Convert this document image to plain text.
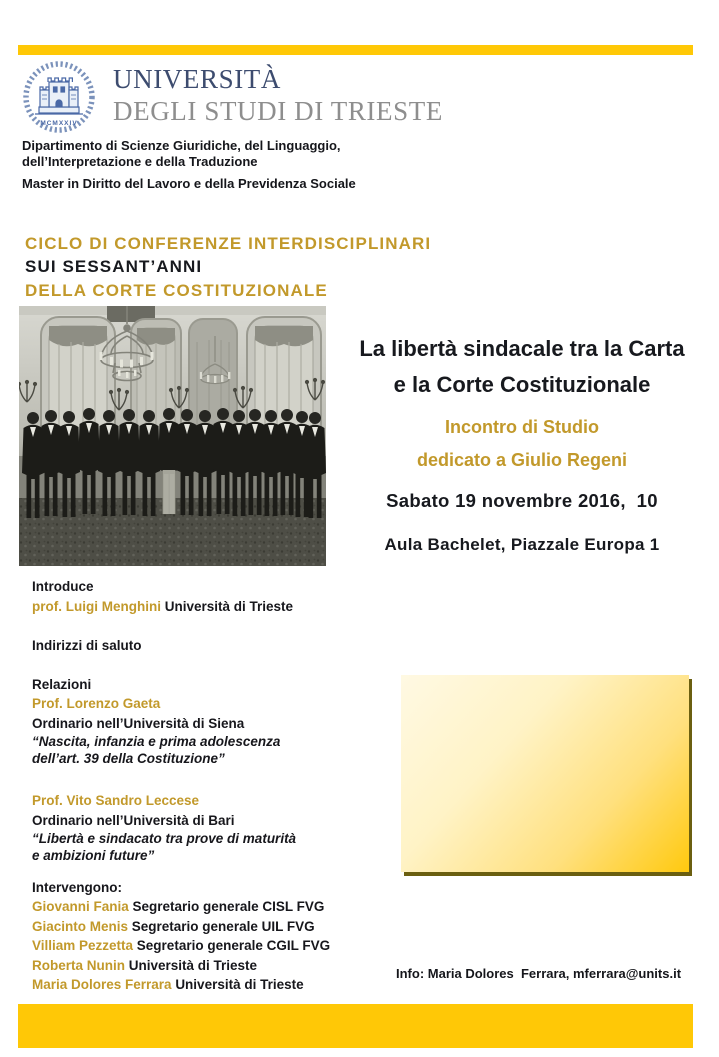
MCMXXIV
UNIVERSITÀ
DEGLI STUDI DI TRIESTE
Dipartimento di Scienze Giuridiche, del Linguaggio,
dell’Interpretazione e della Traduzione
Master in Diritto del Lavoro e della Previdenza Sociale
CICLO DI CONFERENZE INTERDISCIPLINARI
SUI SESSANT’ANNI
DELLA CORTE COSTITUZIONALE
La libertà sindacale tra la Carta
e la Corte Costituzionale
Incontro di Studio
dedicato a Giulio Regeni
Sabato 19 novembre 2016,  10
Aula Bachelet, Piazzale Europa 1
Introduce
prof. Luigi Menghini Università di Trieste
Indirizzi di saluto
Relazioni
Prof. Lorenzo Gaeta
Ordinario nell’Università di Siena
“Nascita, infanzia e prima adolescenza
dell’art. 39 della Costituzione”
Prof. Vito Sandro Leccese
Ordinario nell’Università di Bari
“Libertà e sindacato tra prove di maturità
e ambizioni future”
Intervengono:
Giovanni Fania Segretario generale CISL FVG
Giacinto Menis Segretario generale UIL FVG
Villiam Pezzetta Segretario generale CGIL FVG
Roberta Nunin Università di Trieste
Maria Dolores Ferrara Università di Trieste
Info: Maria Dolores  Ferrara, mferrara@units.it
